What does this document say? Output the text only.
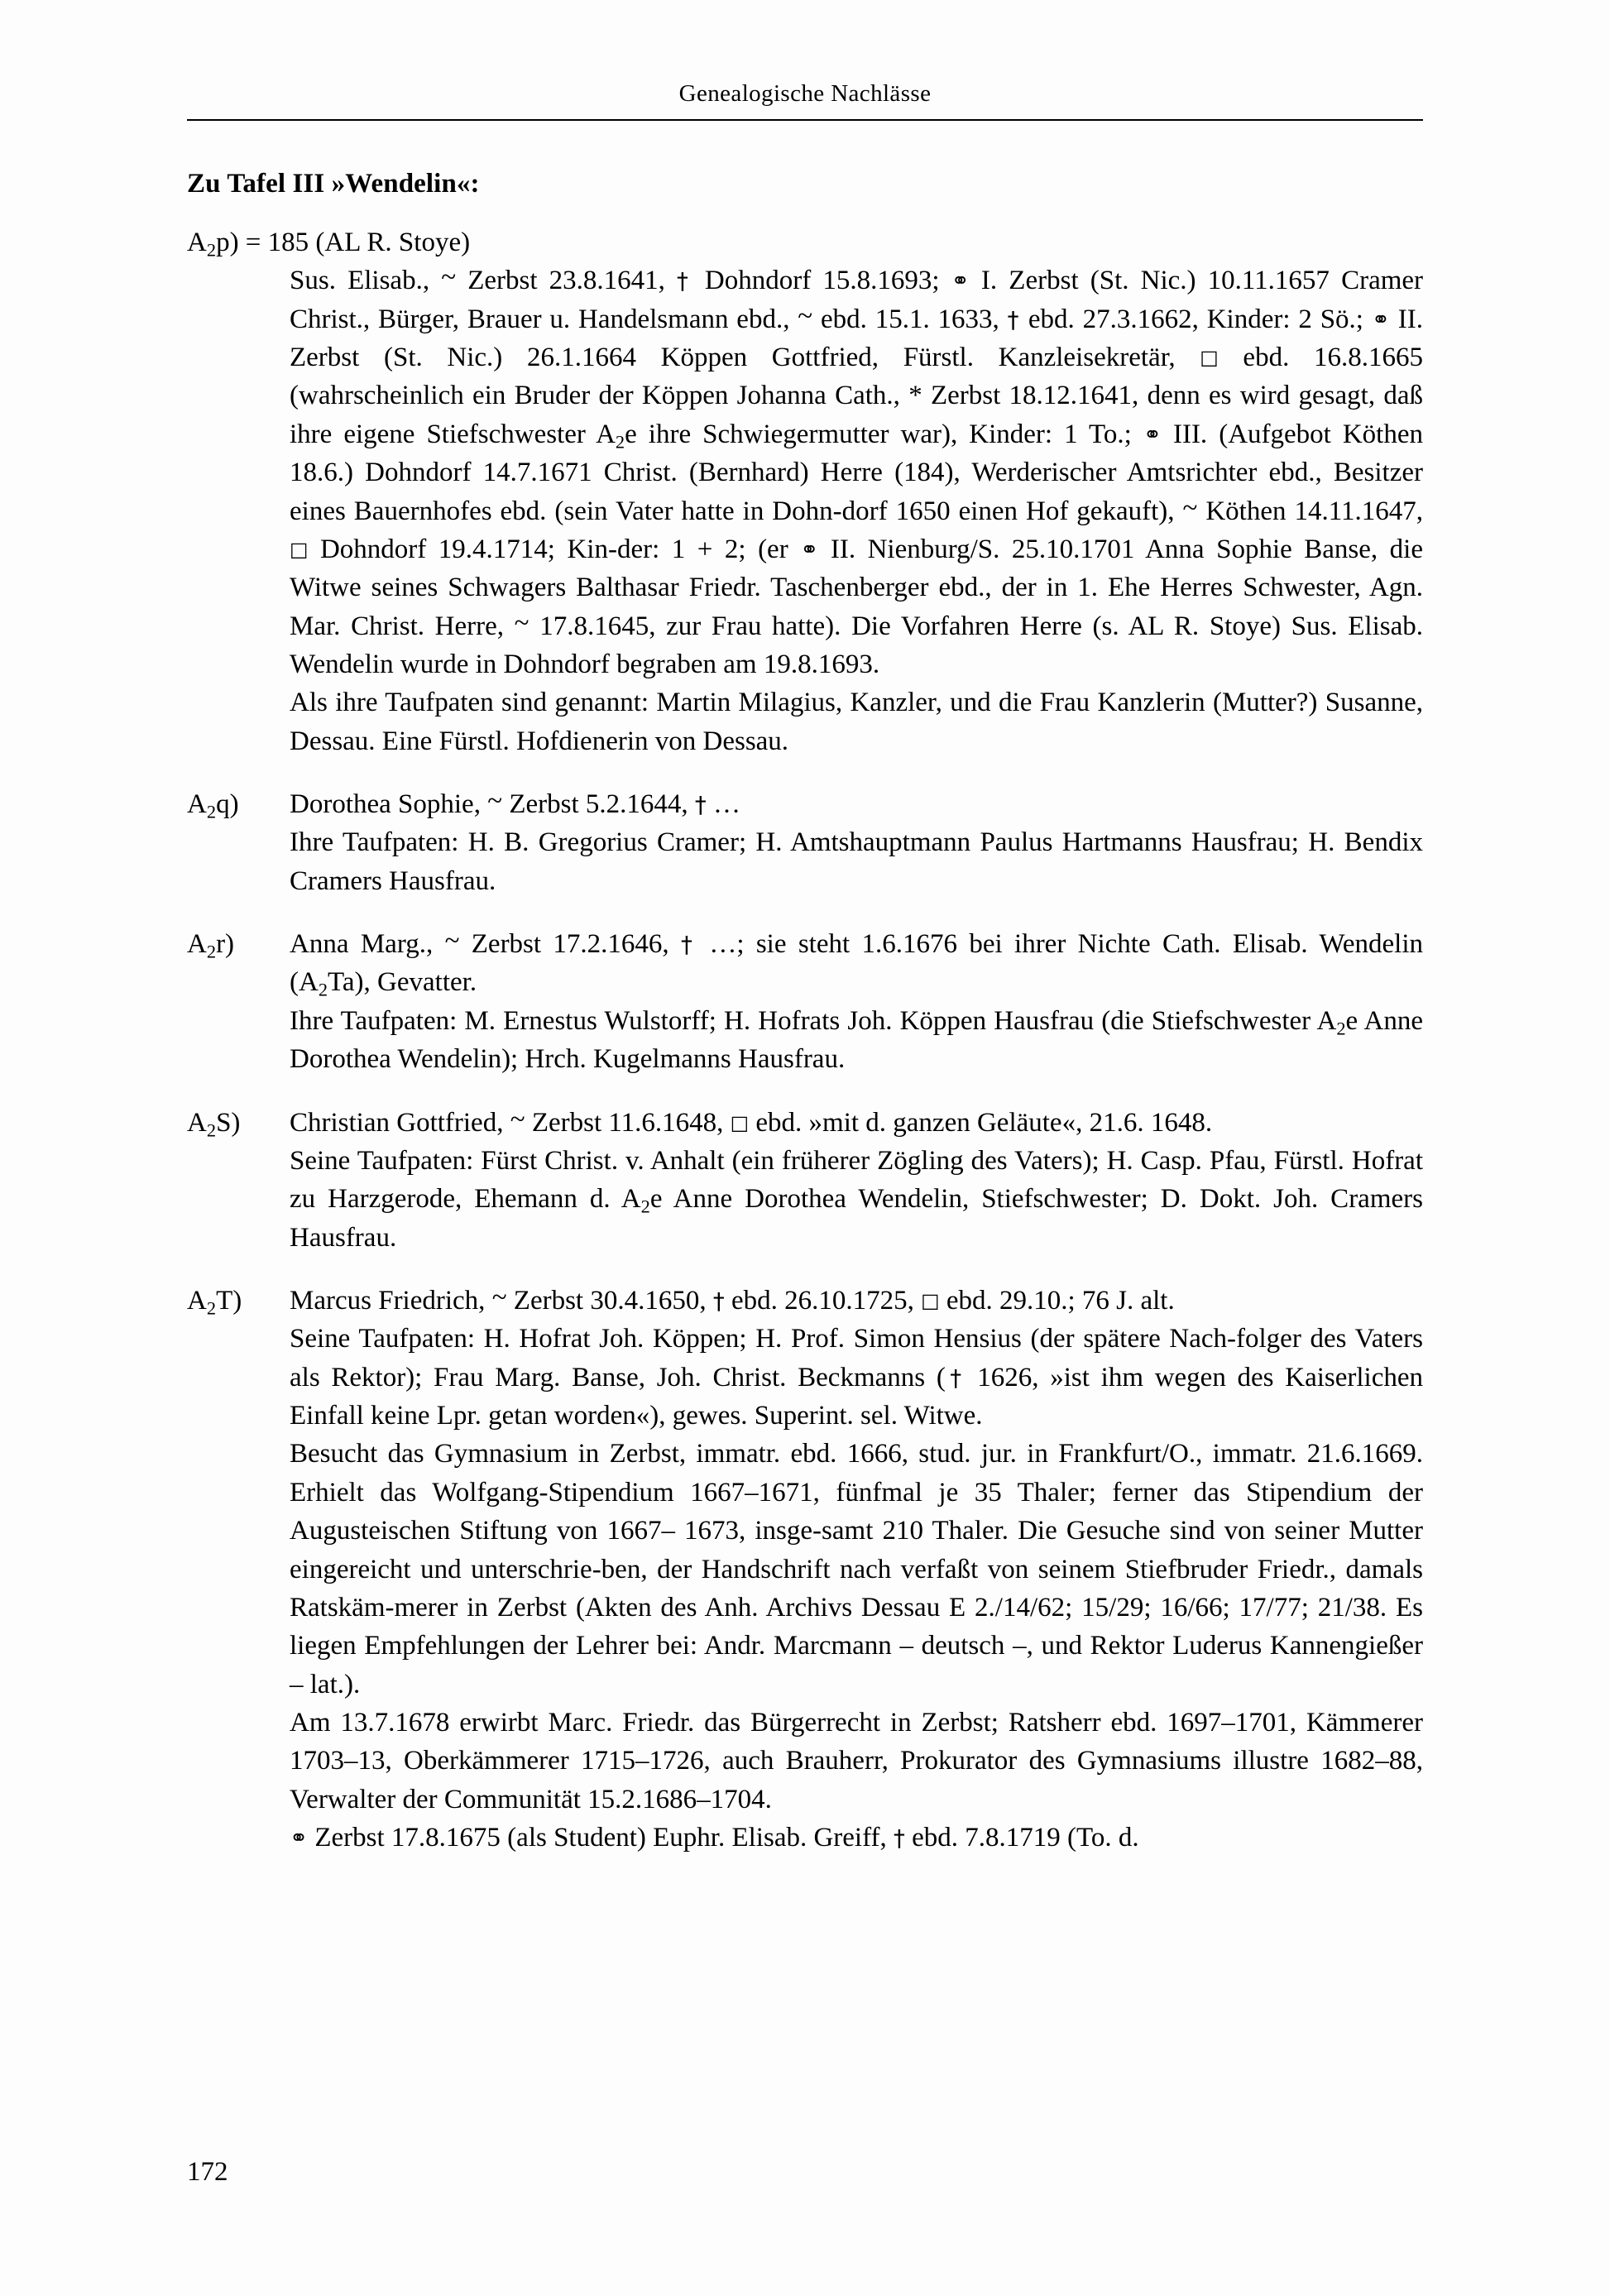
Genealogische Nachlässe
Zu Tafel III »Wendelin«:
$A_2p) = 185$ (AL R. Stoye)

Sus. Elisab., ~ Zerbst 23.8.1641, † Dohndorf 15.8.1693; ⚭ I. Zerbst (St. Nic.) 10.11.1657 Cramer Christ., Bürger, Brauer u. Handelsmann ebd., ~ ebd. 15.1. 1633, † ebd. 27.3.1662, Kinder: 2 Sö.; ⚭ II. Zerbst (St. Nic.) 26.1.1664 Köppen Gottfried, Fürstl. Kanzleisekretär, □ ebd. 16.8.1665 (wahrscheinlich ein Bruder der Köppen Johanna Cath., * Zerbst 18.12.1641, denn es wird gesagt, daß ihre eigene Stiefschwester $A_2e$ ihre Schwiegermutter war), Kinder: 1 To.; ⚭ III. (Aufgebot Köthen 18.6.) Dohndorf 14.7.1671 Christ. (Bernhard) Herre (184), Werderischer Amtsrichter ebd., Besitzer eines Bauernhofes ebd. (sein Vater hatte in Dohn-dorf 1650 einen Hof gekauft), ~ Köthen 14.11.1647, □ Dohndorf 19.4.1714; Kin-der: 1 + 2; (er ⚭ II. Nienburg/S. 25.10.1701 Anna Sophie Banse, die Witwe seines Schwagers Balthasar Friedr. Taschenberger ebd., der in 1. Ehe Herres Schwester, Agn. Mar. Christ. Herre, ~ 17.8.1645, zur Frau hatte). Die Vorfahren Herre (s. AL R. Stoye) Sus. Elisab. Wendelin wurde in Dohndorf begraben am 19.8.1693.

Als ihre Taufpaten sind genannt: Martin Milagius, Kanzler, und die Frau Kanzlerin (Mutter?) Susanne, Dessau. Eine Fürstl. Hofdienerin von Dessau.

$A_2q$)	Dorothea Sophie, ~ Zerbst 5.2.1644, † …

Ihre Taufpaten: H. B. Gregorius Cramer; H. Amtshauptmann Paulus Hartmanns Hausfrau; H. Bendix Cramers Hausfrau.

$A_2r$)	Anna Marg., ~ Zerbst 17.2.1646, † …; sie steht 1.6.1676 bei ihrer Nichte Cath. Elisab. Wendelin $(A_2Ta)$, Gevatter.

Ihre Taufpaten: M. Ernestus Wulstorff; H. Hofrats Joh. Köppen Hausfrau (die Stiefschwester $A_2e$ Anne Dorothea Wendelin); Hrch. Kugelmanns Hausfrau.

$A_2S$)	Christian Gottfried, ~ Zerbst 11.6.1648, □ ebd. »mit d. ganzen Geläute«, 21.6. 1648.

Seine Taufpaten: Fürst Christ. v. Anhalt (ein früherer Zögling des Vaters); H. Casp. Pfau, Fürstl. Hofrat zu Harzgerode, Ehemann d. $A_2e$ Anne Dorothea Wendelin, Stiefschwester; D. Dokt. Joh. Cramers Hausfrau.

$A_2T$)	Marcus Friedrich, ~ Zerbst 30.4.1650, † ebd. 26.10.1725, □ ebd. 29.10.; 76 J. alt.

Seine Taufpaten: H. Hofrat Joh. Köppen; H. Prof. Simon Hensius (der spätere Nach-folger des Vaters als Rektor); Frau Marg. Banse, Joh. Christ. Beckmanns († 1626, »ist ihm wegen des Kaiserlichen Einfall keine Lpr. getan worden«), gewes. Superint. sel. Witwe.

Besucht das Gymnasium in Zerbst, immatr. ebd. 1666, stud. jur. in Frankfurt/O., immatr. 21.6.1669. Erhielt das Wolfgang-Stipendium 1667–1671, fünfmal je 35 Thaler; ferner das Stipendium der Augusteischen Stiftung von 1667– 1673, insge-samt 210 Thaler. Die Gesuche sind von seiner Mutter eingereicht und unterschrie-ben, der Handschrift nach verfaßt von seinem Stiefbruder Friedr., damals Ratskäm-merer in Zerbst (Akten des Anh. Archivs Dessau E 2./14/62; 15/29; 16/66; 17/77; 21/38. Es liegen Empfehlungen der Lehrer bei: Andr. Marcmann – deutsch –, und Rektor Luderus Kannengießer – lat.).

Am 13.7.1678 erwirbt Marc. Friedr. das Bürgerrecht in Zerbst; Ratsherr ebd. 1697–1701, Kämmerer 1703–13, Oberkämmerer 1715–1726, auch Brauherr, Prokurator des Gymnasiums illustre 1682–88, Verwalter der Communität 15.2.1686–1704.

⚭ Zerbst 17.8.1675 (als Student) Euphr. Elisab. Greiff, † ebd. 7.8.1719 (To. d.

172
